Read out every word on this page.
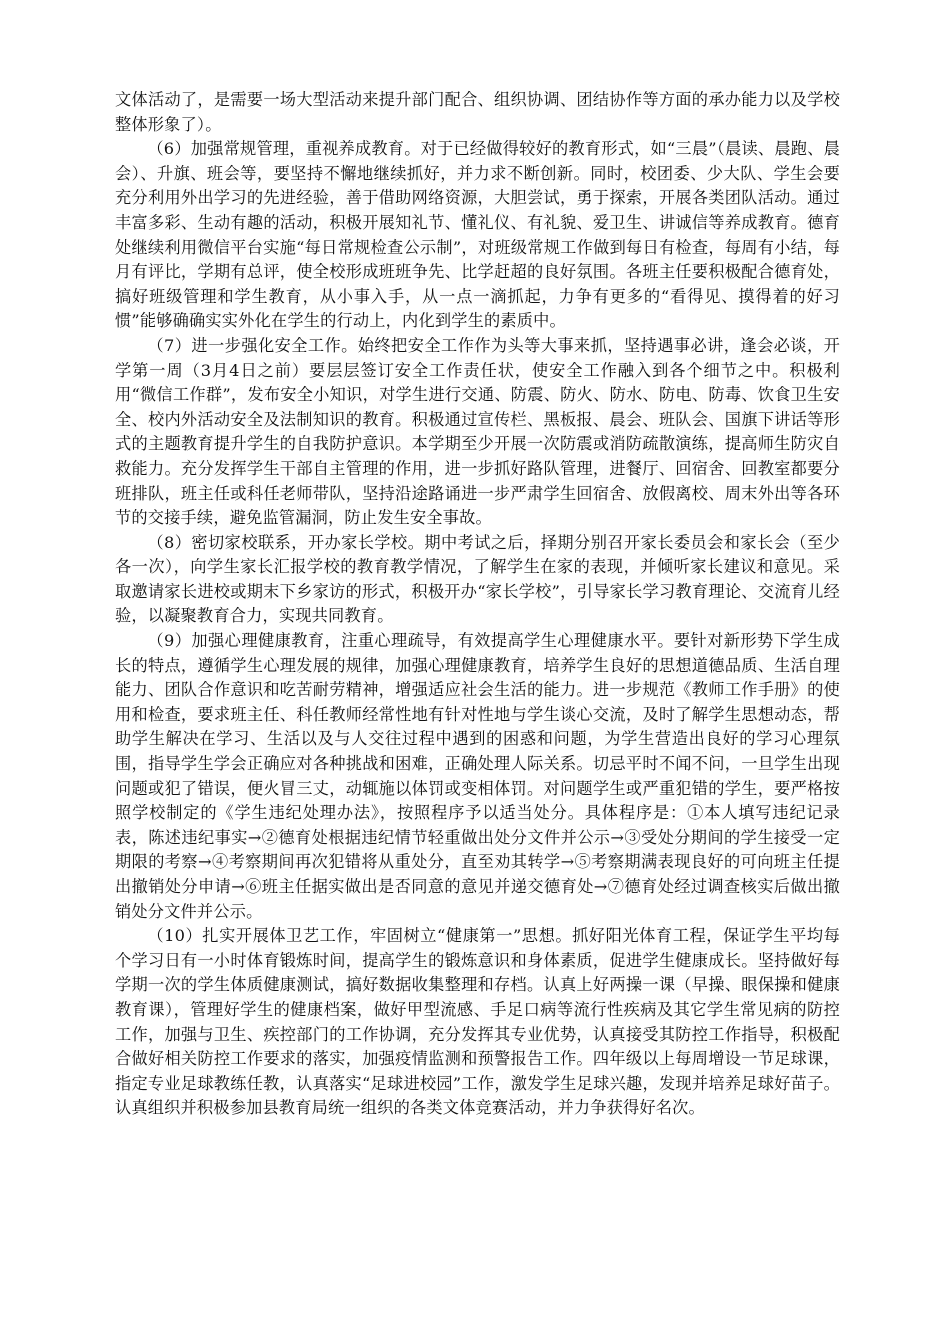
文体活动了，是需要一场大型活动来提升部门配合、组织协调、团结协作等方面的承办能力以及学校整体形象了）。

（6）加强常规管理，重视养成教育。对于已经做得较好的教育形式，如“三晨”（晨读、晨跑、晨会）、升旗、班会等，要坚持不懈地继续抓好，并力求不断创新。同时，校团委、少大队、学生会要充分利用外出学习的先进经验，善于借助网络资源，大胆尝试，勇于探索，开展各类团队活动。通过丰富多彩、生动有趣的活动，积极开展知礼节、懂礼仪、有礼貌、爱卫生、讲诚信等养成教育。德育处继续利用微信平台实施“每日常规检查公示制”，对班级常规工作做到每日有检查，每周有小结，每月有评比，学期有总评，使全校形成班班争先、比学赶超的良好氛围。各班主任要积极配合德育处，搞好班级管理和学生教育，从小事入手，从一点一滴抓起，力争有更多的“看得见、摸得着的好习惯”能够确确实实外化在学生的行动上，内化到学生的素质中。

（7）进一步强化安全工作。始终把安全工作作为头等大事来抓，坚持遇事必讲，逢会必谈，开学第一周（3月4日之前）要层层签订安全工作责任状，使安全工作融入到各个细节之中。积极利用“微信工作群”，发布安全小知识，对学生进行交通、防震、防火、防水、防电、防毒、饮食卫生安全、校内外活动安全及法制知识的教育。积极通过宣传栏、黑板报、晨会、班队会、国旗下讲话等形式的主题教育提升学生的自我防护意识。本学期至少开展一次防震或消防疏散演练，提高师生防灾自救能力。充分发挥学生干部自主管理的作用，进一步抓好路队管理，进餐厅、回宿舍、回教室都要分班排队，班主任或科任老师带队，坚持沿途路诵进一步严肃学生回宿舍、放假离校、周末外出等各环节的交接手续，避免监管漏洞，防止发生安全事故。

（8）密切家校联系，开办家长学校。期中考试之后，择期分别召开家长委员会和家长会（至少各一次），向学生家长汇报学校的教育教学情况，了解学生在家的表现，并倾听家长建议和意见。采取邀请家长进校或期末下乡家访的形式，积极开办“家长学校”，引导家长学习教育理论、交流育儿经验，以凝聚教育合力，实现共同教育。

（9）加强心理健康教育，注重心理疏导，有效提高学生心理健康水平。要针对新形势下学生成长的特点，遵循学生心理发展的规律，加强心理健康教育，培养学生良好的思想道德品质、生活自理能力、团队合作意识和吃苦耐劳精神，增强适应社会生活的能力。进一步规范《教师工作手册》的使用和检查，要求班主任、科任教师经常性地有针对性地与学生谈心交流，及时了解学生思想动态，帮助学生解决在学习、生活以及与人交往过程中遇到的困惑和问题，为学生营造出良好的学习心理氛围，指导学生学会正确应对各种挑战和困难，正确处理人际关系。切忌平时不闻不问，一旦学生出现问题或犯了错误，便火冒三丈，动辄施以体罚或变相体罚。对问题学生或严重犯错的学生，要严格按照学校制定的《学生违纪处理办法》，按照程序予以适当处分。具体程序是：①本人填写违纪记录表，陈述违纪事实→②德育处根据违纪情节轻重做出处分文件并公示→③受处分期间的学生接受一定期限的考察→④考察期间再次犯错将从重处分，直至劝其转学→⑤考察期满表现良好的可向班主任提出撤销处分申请→⑥班主任据实做出是否同意的意见并递交德育处→⑦德育处经过调查核实后做出撤销处分文件并公示。

（10）扎实开展体卫艺工作，牢固树立“健康第一”思想。抓好阳光体育工程，保证学生平均每个学习日有一小时体育锻炼时间，提高学生的锻炼意识和身体素质，促进学生健康成长。坚持做好每学期一次的学生体质健康测试，搞好数据收集整理和存档。认真上好两操一课（早操、眼保操和健康教育课），管理好学生的健康档案，做好甲型流感、手足口病等流行性疾病及其它学生常见病的防控工作，加强与卫生、疾控部门的工作协调，充分发挥其专业优势，认真接受其防控工作指导，积极配合做好相关防控工作要求的落实，加强疫情监测和预警报告工作。四年级以上每周增设一节足球课，指定专业足球教练任教，认真落实“足球进校园”工作，激发学生足球兴趣，发现并培养足球好苗子。认真组织并积极参加县教育局统一组织的各类文体竞赛活动，并力争获得好名次。
